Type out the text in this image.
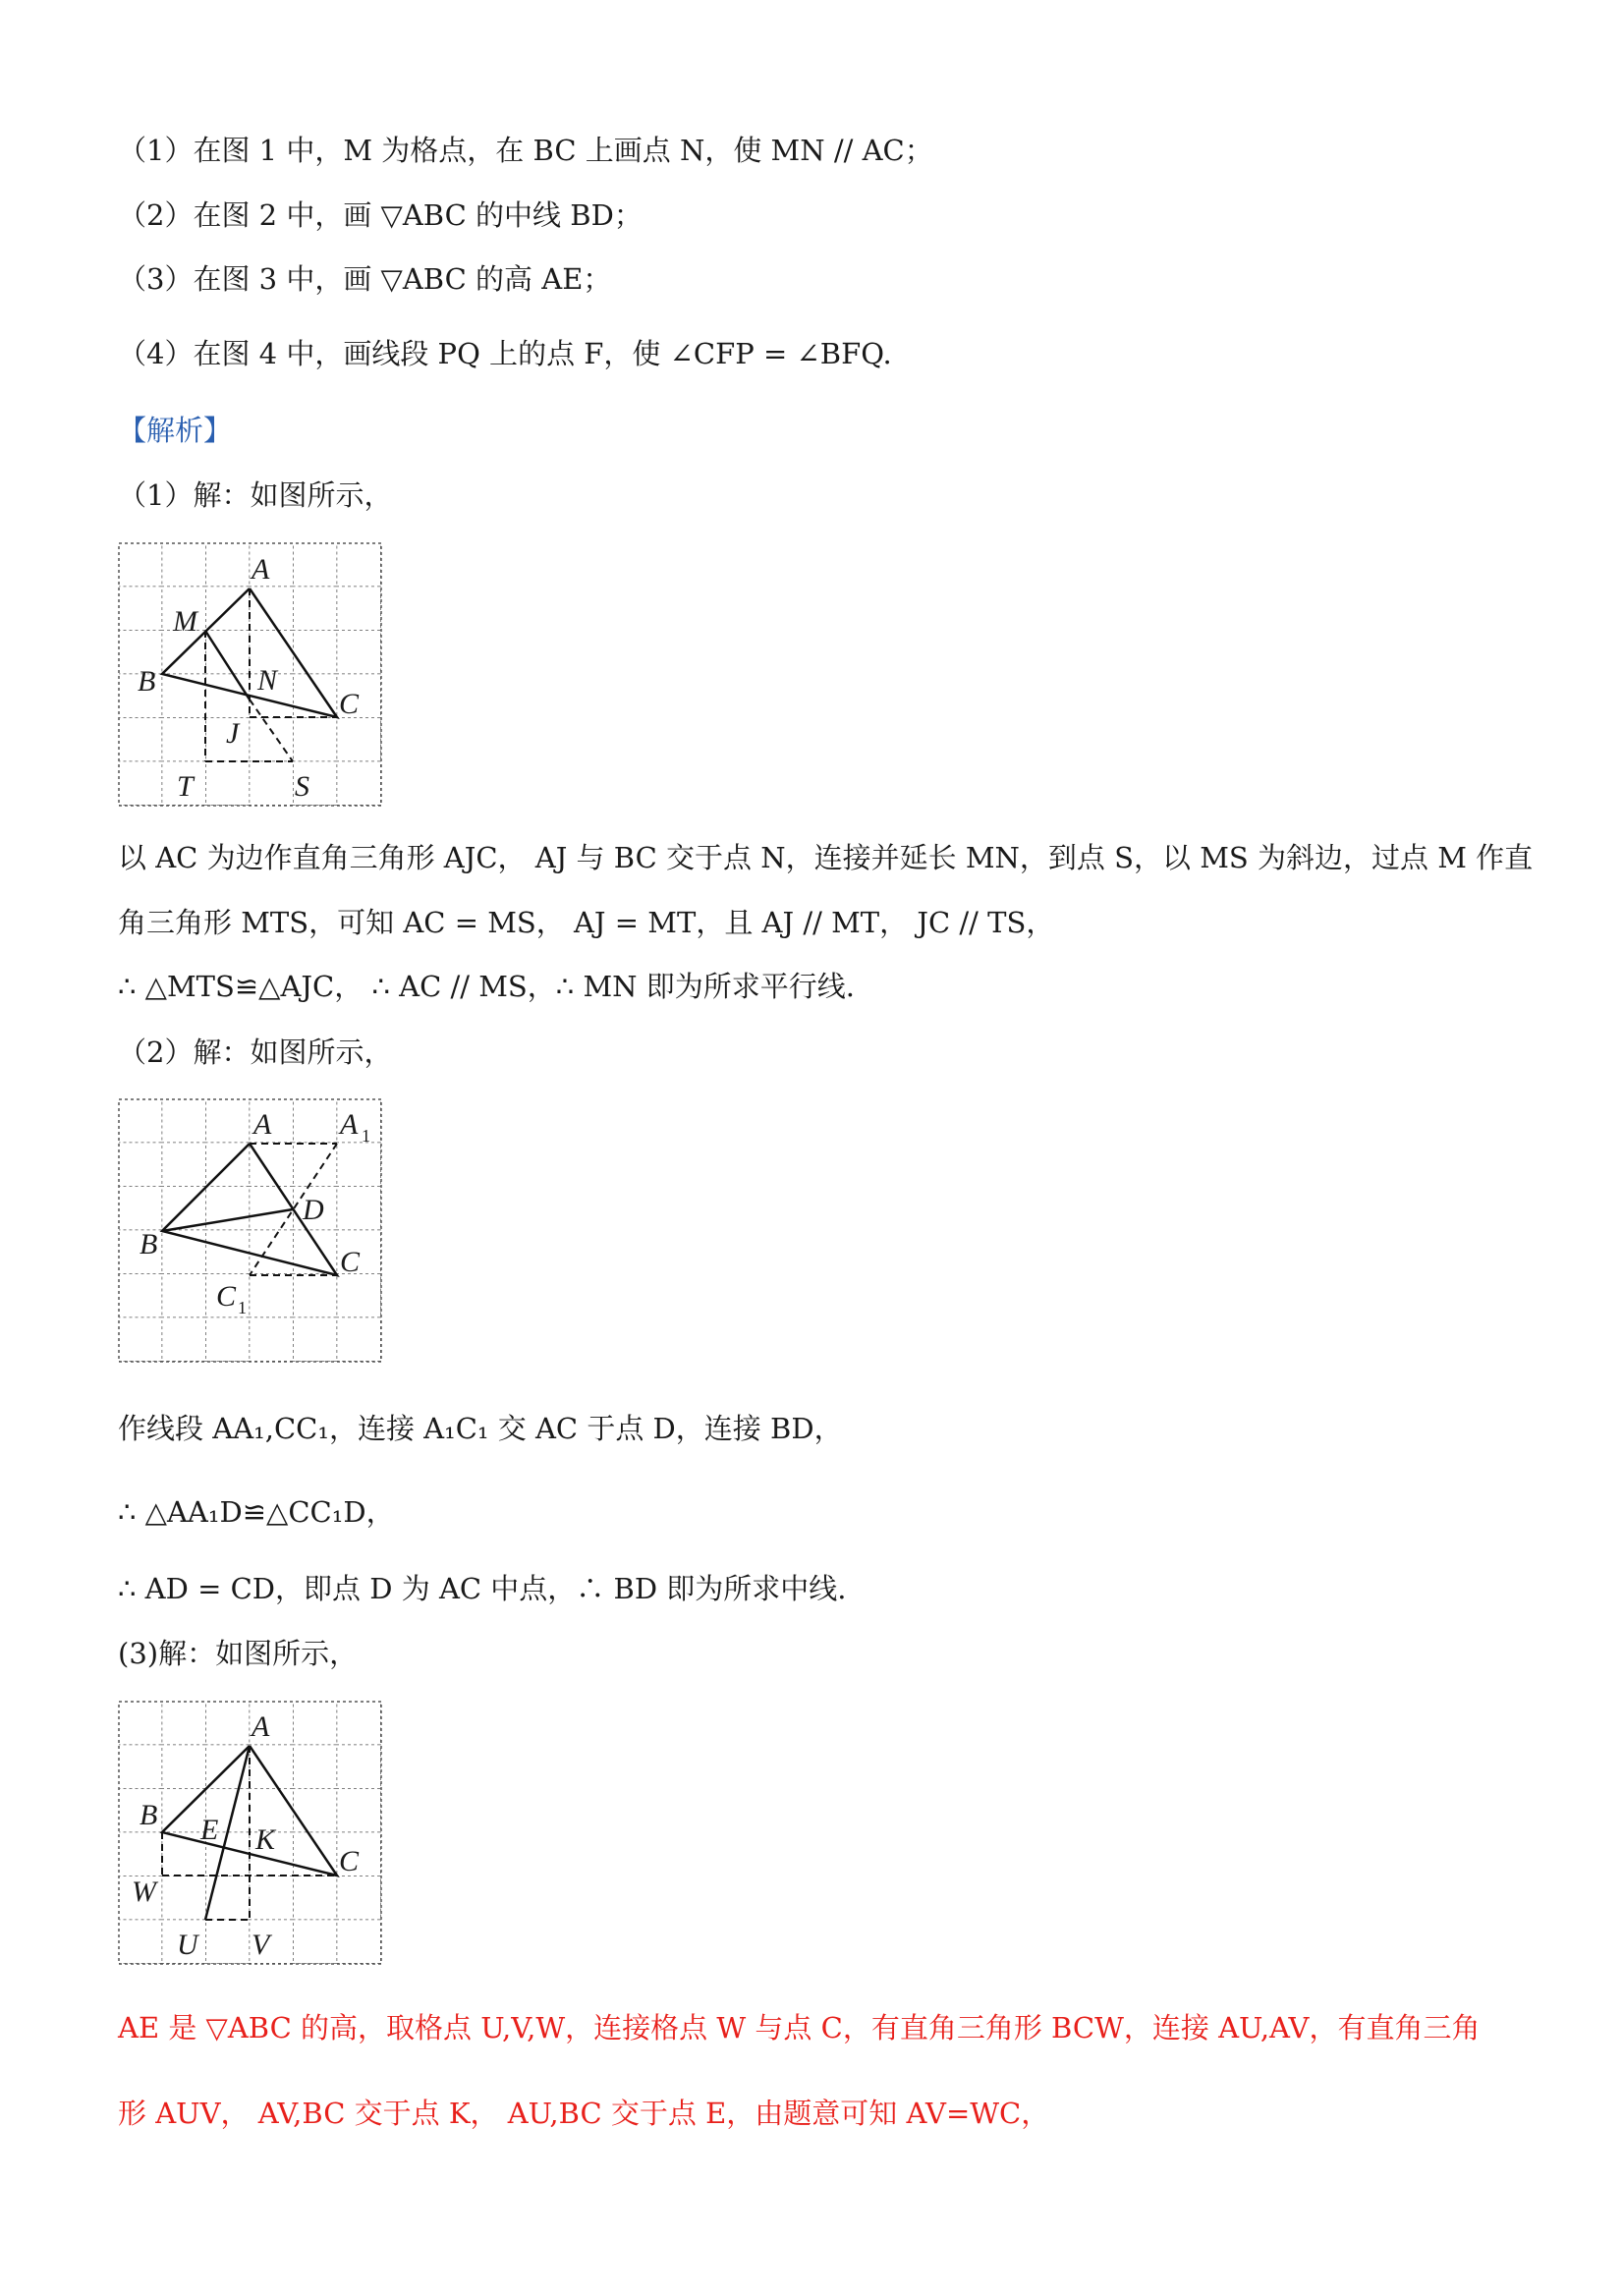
（1）在图 1 中，M 为格点，在 BC 上画点 N，使 MN // AC；
（2）在图 2 中，画 ▽ABC 的中线 BD；
（3）在图 3 中，画 ▽ABC 的高 AE；
（4）在图 4 中，画线段 PQ 上的点 F，使 ∠CFP = ∠BFQ.
【解析】
（1）解：如图所示，
A
M
B	N
C
J
T	S
以 AC 为边作直角三角形 AJC， AJ 与 BC 交于点 N，连接并延长 MN，到点 S，以 MS 为斜边，过点 M 作直
角三角形 MTS，可知 AC = MS， AJ = MT，且 AJ // MT， JC // TS，
∴ △MTS≌△AJC， ∴ AC // MS，∴ MN 即为所求平行线.
（2）解：如图所示，
A A 1
D
B
C
C 1
作线段 AA₁,CC₁，连接 A₁C₁ 交 AC 于点 D，连接 BD，
∴ △AA₁D≌△CC₁D，
∴ AD = CD，即点 D 为 AC 中点，∴ BD 即为所求中线.
(3)解：如图所示，
A
B E K
C
W
U V
AE 是 ▽ABC 的高，取格点 U,V,W，连接格点 W 与点 C，有直角三角形 BCW，连接 AU,AV，有直角三角
形 AUV， AV,BC 交于点 K， AU,BC 交于点 E，由题意可知 AV=WC，
